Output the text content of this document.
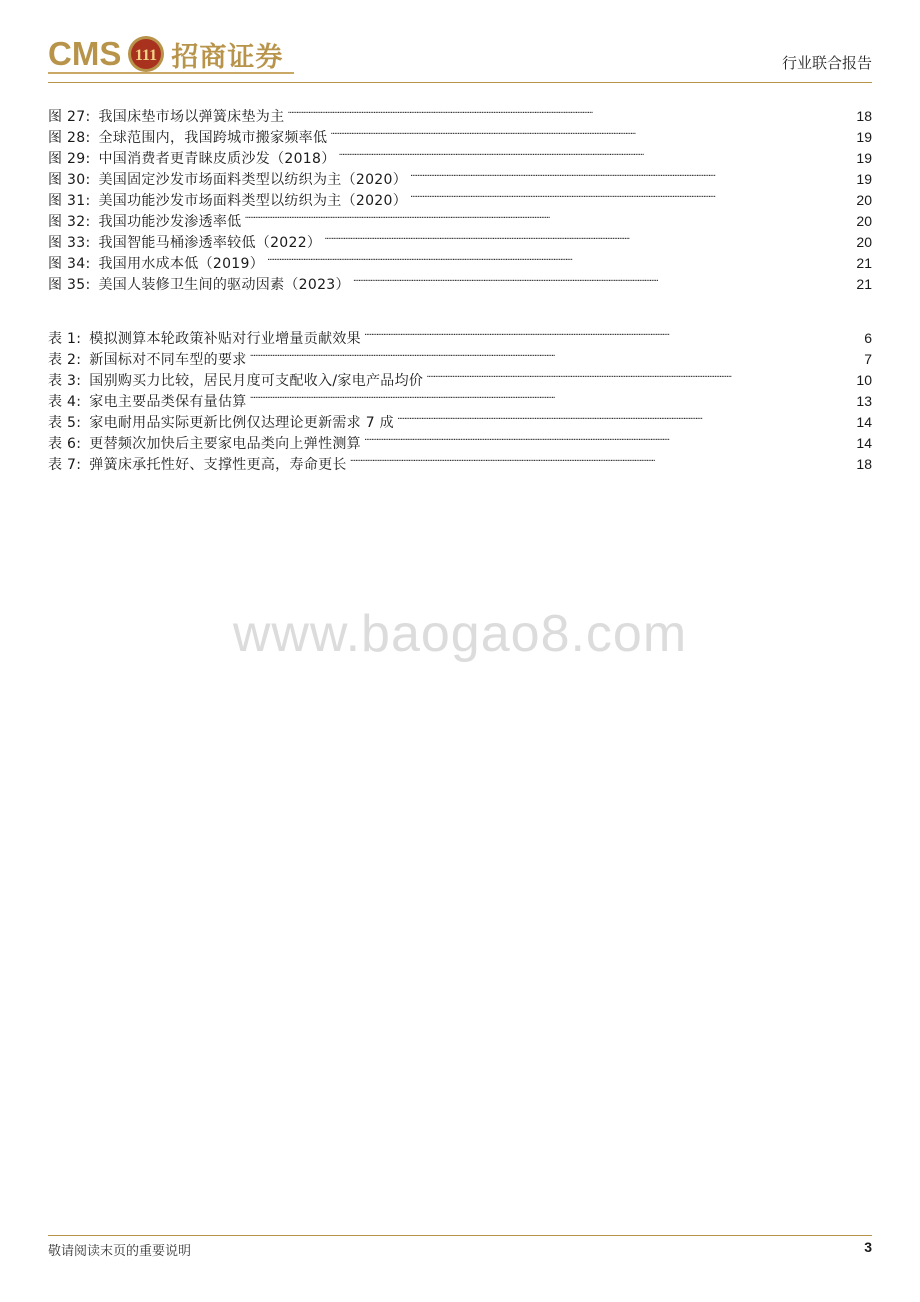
CMS 111 招商证券	行业联合报告
图 27: 我国床垫市场以弹簧床垫为主 . . .	18
图 28: 全球范围内，我国跨城市搬家频率低 . . .	19
图 29: 中国消费者更青睐皮质沙发（2018） . . .	19
图 30: 美国固定沙发市场面料类型以纺织为主（2020） . . .	19
图 31: 美国功能沙发市场面料类型以纺织为主（2020） . . .	20
图 32: 我国功能沙发渗透率低 . . .	20
图 33: 我国智能马桶渗透率较低（2022） . . .	20
图 34: 我国用水成本低（2019） . . .	21
图 35: 美国人装修卫生间的驱动因素（2023） . . .	21
表 1: 模拟测算本轮政策补贴对行业增量贡献效果 . . .	6
表 2: 新国标对不同车型的要求 . . .	7
表 3: 国别购买力比较，居民月度可支配收入/家电产品均价 . . .	10
表 4: 家电主要品类保有量估算 . . .	13
表 5: 家电耐用品实际更新比例仅达理论更新需求 7 成 . . .	14
表 6: 更替频次加快后主要家电品类向上弹性测算 . . .	14
表 7: 弹簧床承托性好、支撑性更高，寿命更长 . . .	18
www.baogao8.com
敬请阅读末页的重要说明	3
